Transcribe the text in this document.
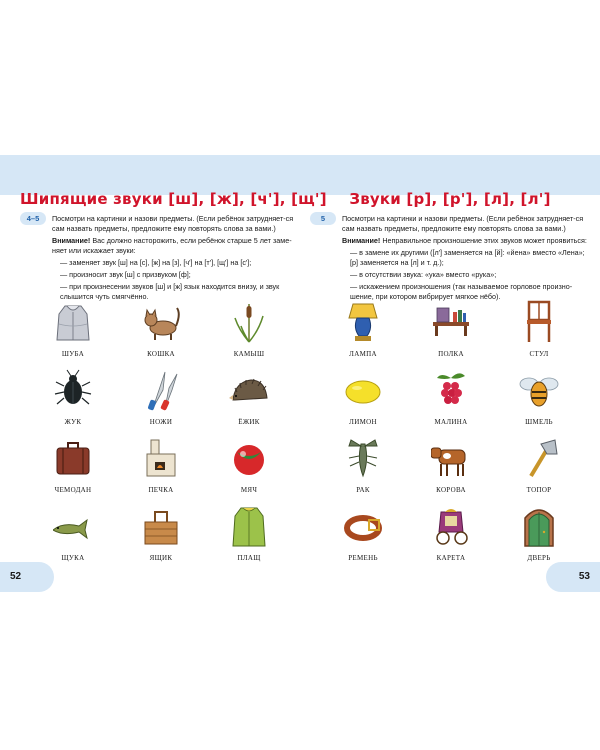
Шипящие звуки [ш], [ж], [ч'], [щ']
4–5	Посмотри на картинки и назови предметы. (Если ребёнок затрудняет-ся сам назвать предметы, предложите ему повторять слова за вами.)

Внимание! Вас должно насторожить, если ребёнок старше 5 лет заме-няет или искажает звуки:

— заменяет звук [ш] на [с], [ж] на [з], [ч'] на [т'], [щ'] на [с'];

— произносит звук [ш] с призвуком [ф];

— при произнесении звуков [ш] и [ж] язык находится внизу, и звук слышится чуть смягчённо.

ШУБА	КОШКА	КАМЫШ
ЖУК	НОЖИ	ЁЖИК
ЧЕМОДАН	ПЕЧКА	МЯЧ
ЩУКА	ЯЩИК	ПЛАЩ
Звуки [р], [р'], [л], [л']
5	Посмотри на картинки и назови предметы. (Если ребёнок затрудняет-ся сам назвать предметы, предложите ему повторять слова за вами.)

Внимание! Неправильное произношение этих звуков может проявиться:

— в замене их другими ([л'] заменяется на [й]: «йена» вместо «Лена»; [р] заменяется на [л] и т. д.);

— в отсутствии звука: «ука» вместо «рука»;

— искажением произношения (так называемое горловое произно-шение, при котором вибрирует мягкое нёбо).

ЛАМПА	ПОЛКА	СТУЛ
ЛИМОН	МАЛИНА	ШМЕЛЬ
РАК	КОРОВА	ТОПОР
РЕМЕНЬ	КАРЕТА	ДВЕРЬ
52	53
